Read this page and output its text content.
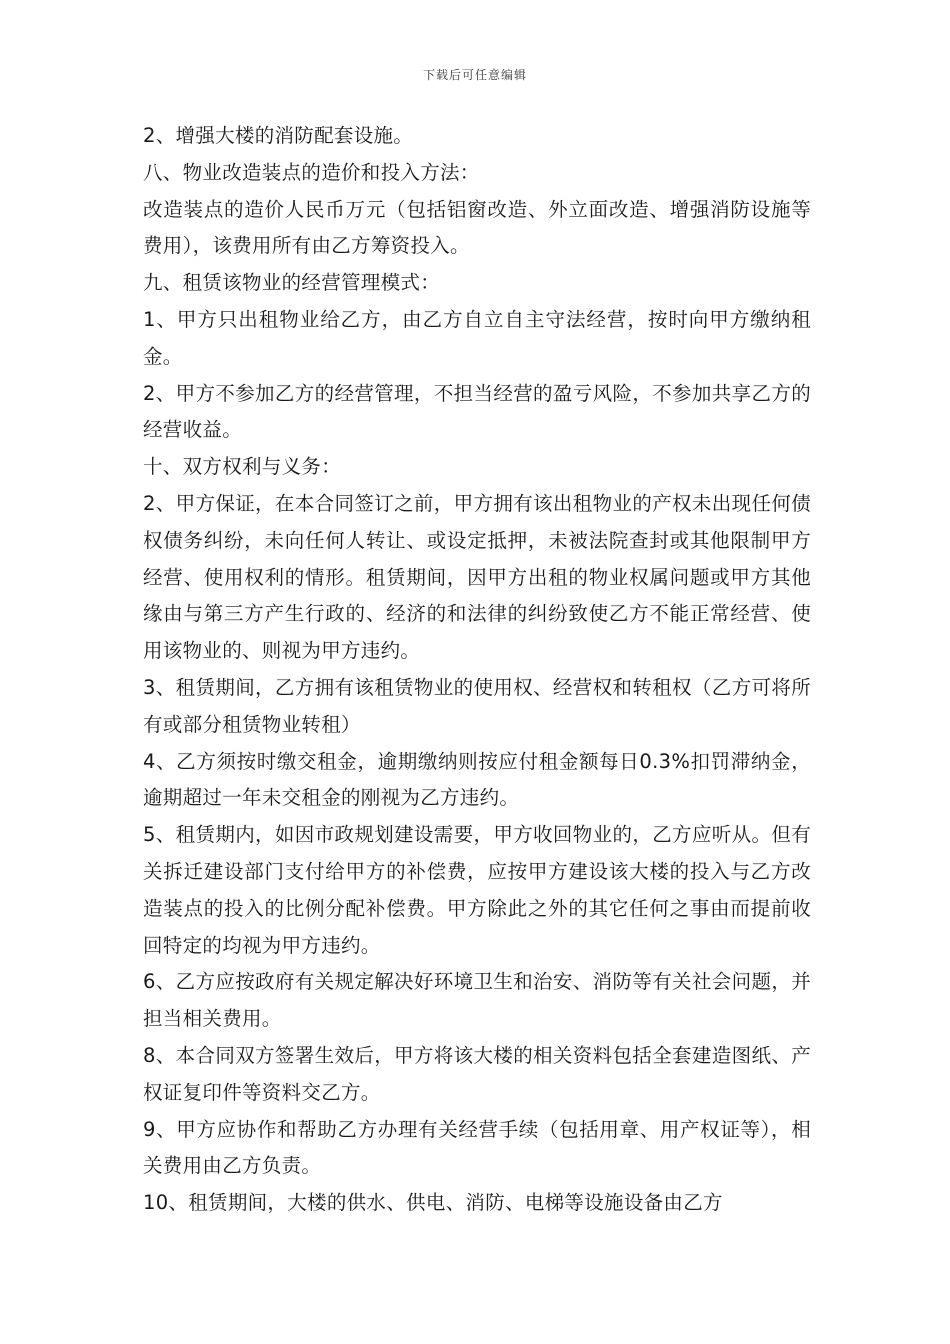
下载后可任意编辑

2、增强大楼的消防配套设施。

八、物业改造装点的造价和投入方法：

改造装点的造价人民币万元（包括铝窗改造、外立面改造、增强消防设施等费用），该费用所有由乙方筹资投入。

九、租赁该物业的经营管理模式：

1、甲方只出租物业给乙方，由乙方自立自主守法经营，按时向甲方缴纳租金。

2、甲方不参加乙方的经营管理，不担当经营的盈亏风险，不参加共享乙方的经营收益。

十、双方权利与义务：

2、甲方保证，在本合同签订之前，甲方拥有该出租物业的产权未出现任何债权债务纠纷，未向任何人转让、或设定抵押，未被法院查封或其他限制甲方经营、使用权利的情形。租赁期间，因甲方出租的物业权属问题或甲方其他缘由与第三方产生行政的、经济的和法律的纠纷致使乙方不能正常经营、使用该物业的、则视为甲方违约。

3、租赁期间，乙方拥有该租赁物业的使用权、经营权和转租权（乙方可将所有或部分租赁物业转租）

4、乙方须按时缴交租金，逾期缴纳则按应付租金额每日0.3%扣罚滞纳金，逾期超过一年未交租金的刚视为乙方违约。

5、租赁期内，如因市政规划建设需要，甲方收回物业的，乙方应听从。但有关拆迁建设部门支付给甲方的补偿费，应按甲方建设该大楼的投入与乙方改造装点的投入的比例分配补偿费。甲方除此之外的其它任何之事由而提前收回特定的均视为甲方违约。

6、乙方应按政府有关规定解决好环境卫生和治安、消防等有关社会问题，并担当相关费用。

8、本合同双方签署生效后，甲方将该大楼的相关资料包括全套建造图纸、产权证复印件等资料交乙方。

9、甲方应协作和帮助乙方办理有关经营手续（包括用章、用产权证等），相关费用由乙方负责。

10、租赁期间，大楼的供水、供电、消防、电梯等设施设备由乙方
